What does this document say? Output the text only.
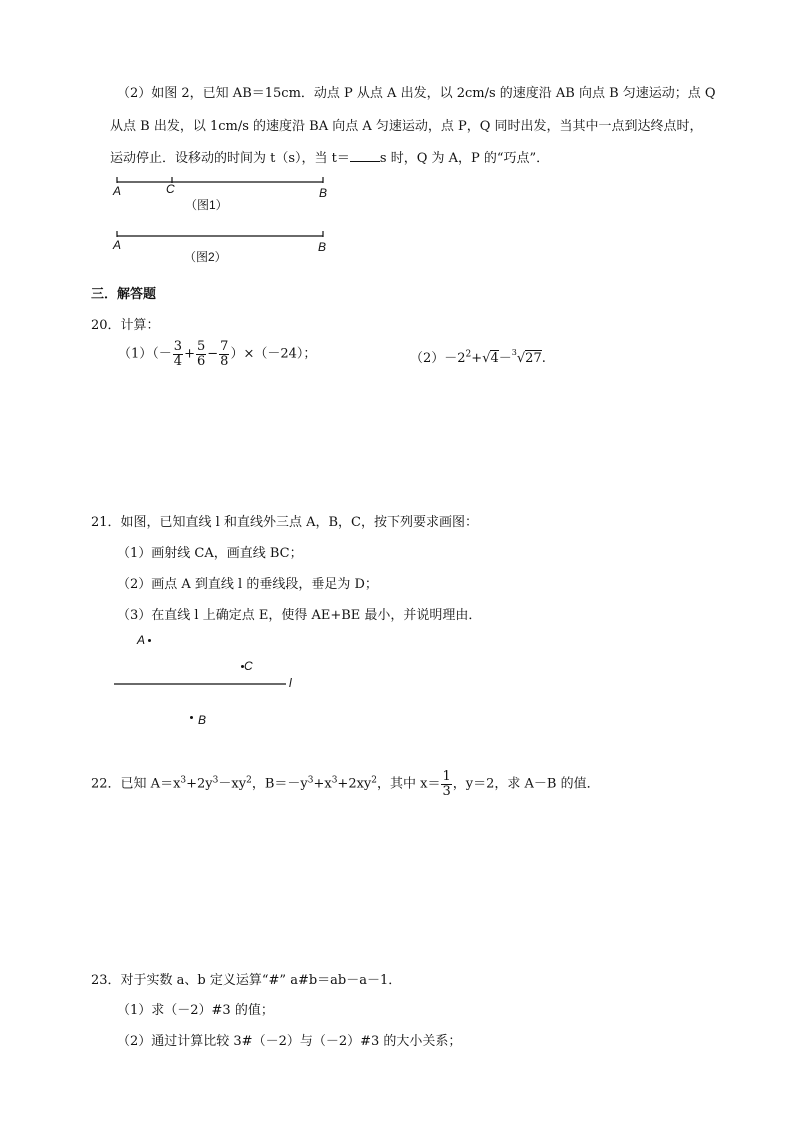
（2）如图 2，已知 AB＝15cm．动点 P 从点 A 出发，以 2cm/s 的速度沿 AB 向点 B 匀速运动；点 Q
从点 B 出发，以 1cm/s 的速度沿 BA 向点 A 匀速运动，点 P，Q 同时出发，当其中一点到达终点时，
运动停止．设移动的时间为 t（s），当 t＝ s 时，Q 为 A，P 的“巧点”．
A	C	B
（图1）
A	B
（图2）
三．解答题
20．计算：
$(1)(- \frac{3}{4} + \frac{5}{6} - \frac{7}{8} )\times(-24)$；	$(2)-2^2+√4-^3√27$.
21．如图，已知直线 l 和直线外三点 A，B，C，按下列要求画图：
（1）画射线 CA，画直线 BC；
（2）画点 A 到直线 l 的垂线段，垂足为 D；
（3）在直线 l 上确定点 E，使得 AE+BE 最小，并说明理由．
A
C
l
B
22．已知 $A=x^3+2y^3-xy^2$，$B=-y^3+x^3+2xy^2$，其中 $x= \frac{1}{3}$ ，y＝2，求 A－B 的值．
23．对于实数 a、b 定义运算“#” a#b＝ab－a－1．
（1）求（－2）#3 的值；
（2）通过计算比较 3#（－2）与（－2）#3 的大小关系；
